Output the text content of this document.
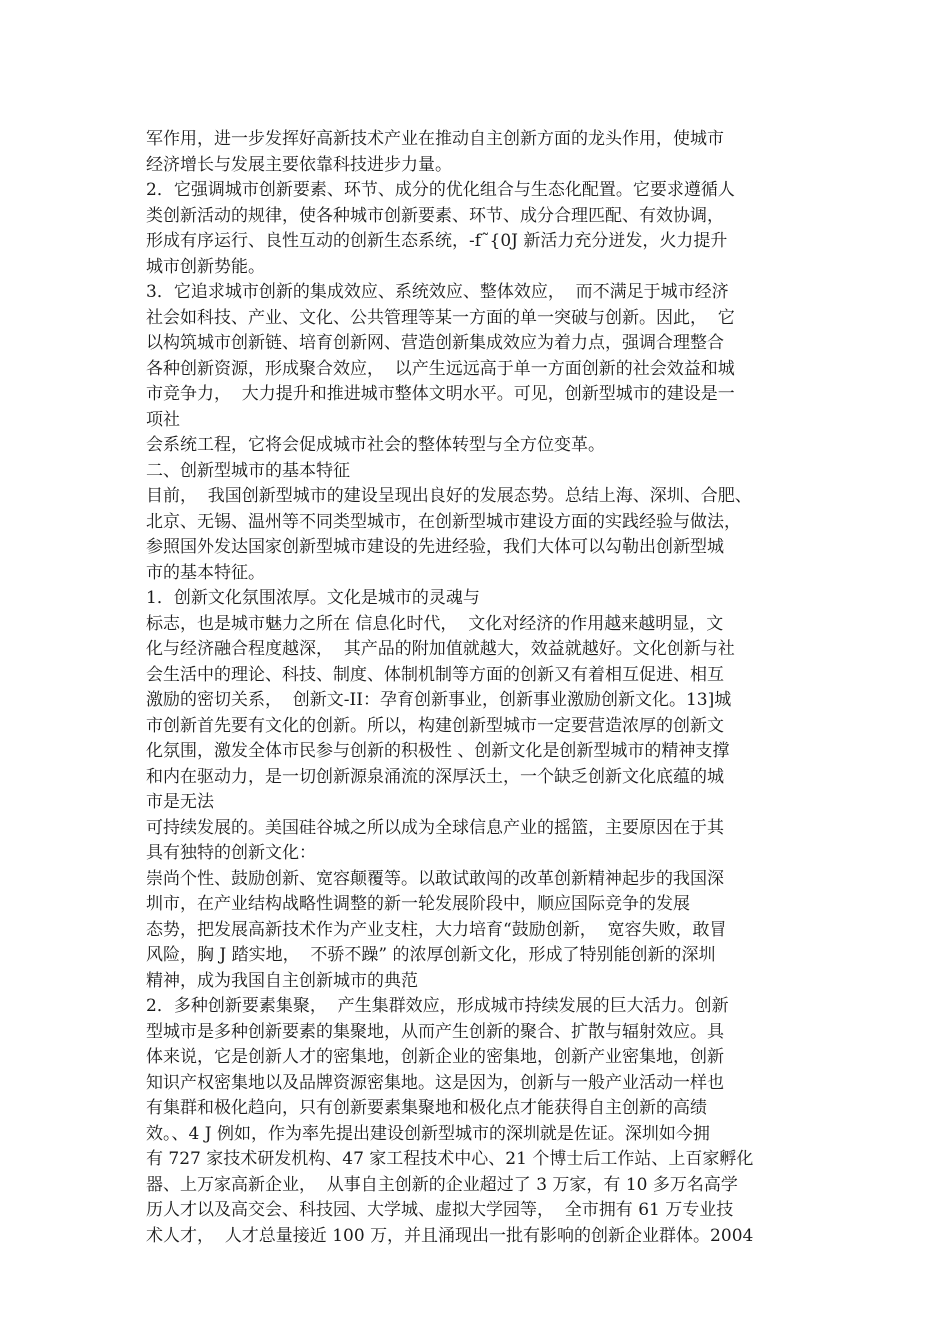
军作用，进一步发挥好高新技术产业在推动自主创新方面的龙头作用，使城市
经济增长与发展主要依靠科技进步力量。
2．它强调城市创新要素、环节、成分的优化组合与生态化配置。它要求遵循人
类创新活动的规律，使各种城市创新要素、环节、成分合理匹配、有效协调，
形成有序运行、良性互动的创新生态系统，-f˜{0J 新活力充分迸发，火力提升
城市创新势能。
3．它追求城市创新的集成效应、系统效应、整体效应，  而不满足于城市经济
社会如科技、产业、文化、公共管理等某一方面的单一突破与创新。因此，  它
以构筑城市创新链、培育创新网、营造创新集成效应为着力点，强调合理整合
各种创新资源，形成聚合效应，  以产生远远高于单一方面创新的社会效益和城
市竞争力，  大力提升和推进城市整体文明水平。可见，创新型城市的建设是一
项社
会系统工程，它将会促成城市社会的整体转型与全方位变革。
二、创新型城市的基本特征
目前，  我国创新型城市的建设呈现出良好的发展态势。总结上海、深圳、合肥、
北京、无锡、温州等不同类型城市，在创新型城市建设方面的实践经验与做法，
参照国外发达国家创新型城市建设的先进经验，我们大体可以勾勒出创新型城
市的基本特征。
1．创新文化氛围浓厚。文化是城市的灵魂与
标志，也是城市魅力之所在 信息化时代，  文化对经济的作用越来越明显，文
化与经济融合程度越深，  其产品的附加值就越大，效益就越好。文化创新与社
会生活中的理论、科技、制度、体制机制等方面的创新又有着相互促进、相互
激励的密切关系，  创新文-II：孕育创新事业，创新事业激励创新文化。13]城
市创新首先要有文化的创新。所以，构建创新型城市一定要营造浓厚的创新文
化氛围，激发全体市民参与创新的积极性 、创新文化是创新型城市的精神支撑
和内在驱动力，是一切创新源泉涌流的深厚沃土，一个缺乏创新文化底蕴的城
市是无法
可持续发展的。美国硅谷城之所以成为全球信息产业的摇篮，主要原因在于其
具有独特的创新文化：
崇尚个性、鼓励创新、宽容颠覆等。以敢试敢闯的改革创新精神起步的我国深
圳市，在产业结构战略性调整的新一轮发展阶段中，顺应国际竞争的发展
态势，把发展高新技术作为产业支柱，大力培育“鼓励创新，  宽容失败，敢冒
风险，胸 J 踏实地，  不骄不躁” 的浓厚创新文化，形成了特别能创新的深圳
精神，成为我国自主创新城市的典范
2．多种创新要素集聚，  产生集群效应，形成城市持续发展的巨大活力。创新
型城市是多种创新要素的集聚地，从而产生创新的聚合、扩散与辐射效应。具
体来说，它是创新人才的密集地，创新企业的密集地，创新产业密集地，创新
知识产权密集地以及品牌资源密集地。这是因为，创新与一般产业活动一样也
有集群和极化趋向，只有创新要素集聚地和极化点才能获得自主创新的高绩
效。、4 J 例如，作为率先提出建设创新型城市的深圳就是佐证。深圳如今拥
有 727 家技术研发机构、47 家工程技术中心、21 个博士后工作站、上百家孵化
器、上万家高新企业，  从事自主创新的企业超过了 3 万家，有 10 多万名高学
历人才以及高交会、科技园、大学城、虚拟大学园等，  全市拥有 61 万专业技
术人才，  人才总量接近 100 万，并且涌现出一批有影响的创新企业群体。2004
